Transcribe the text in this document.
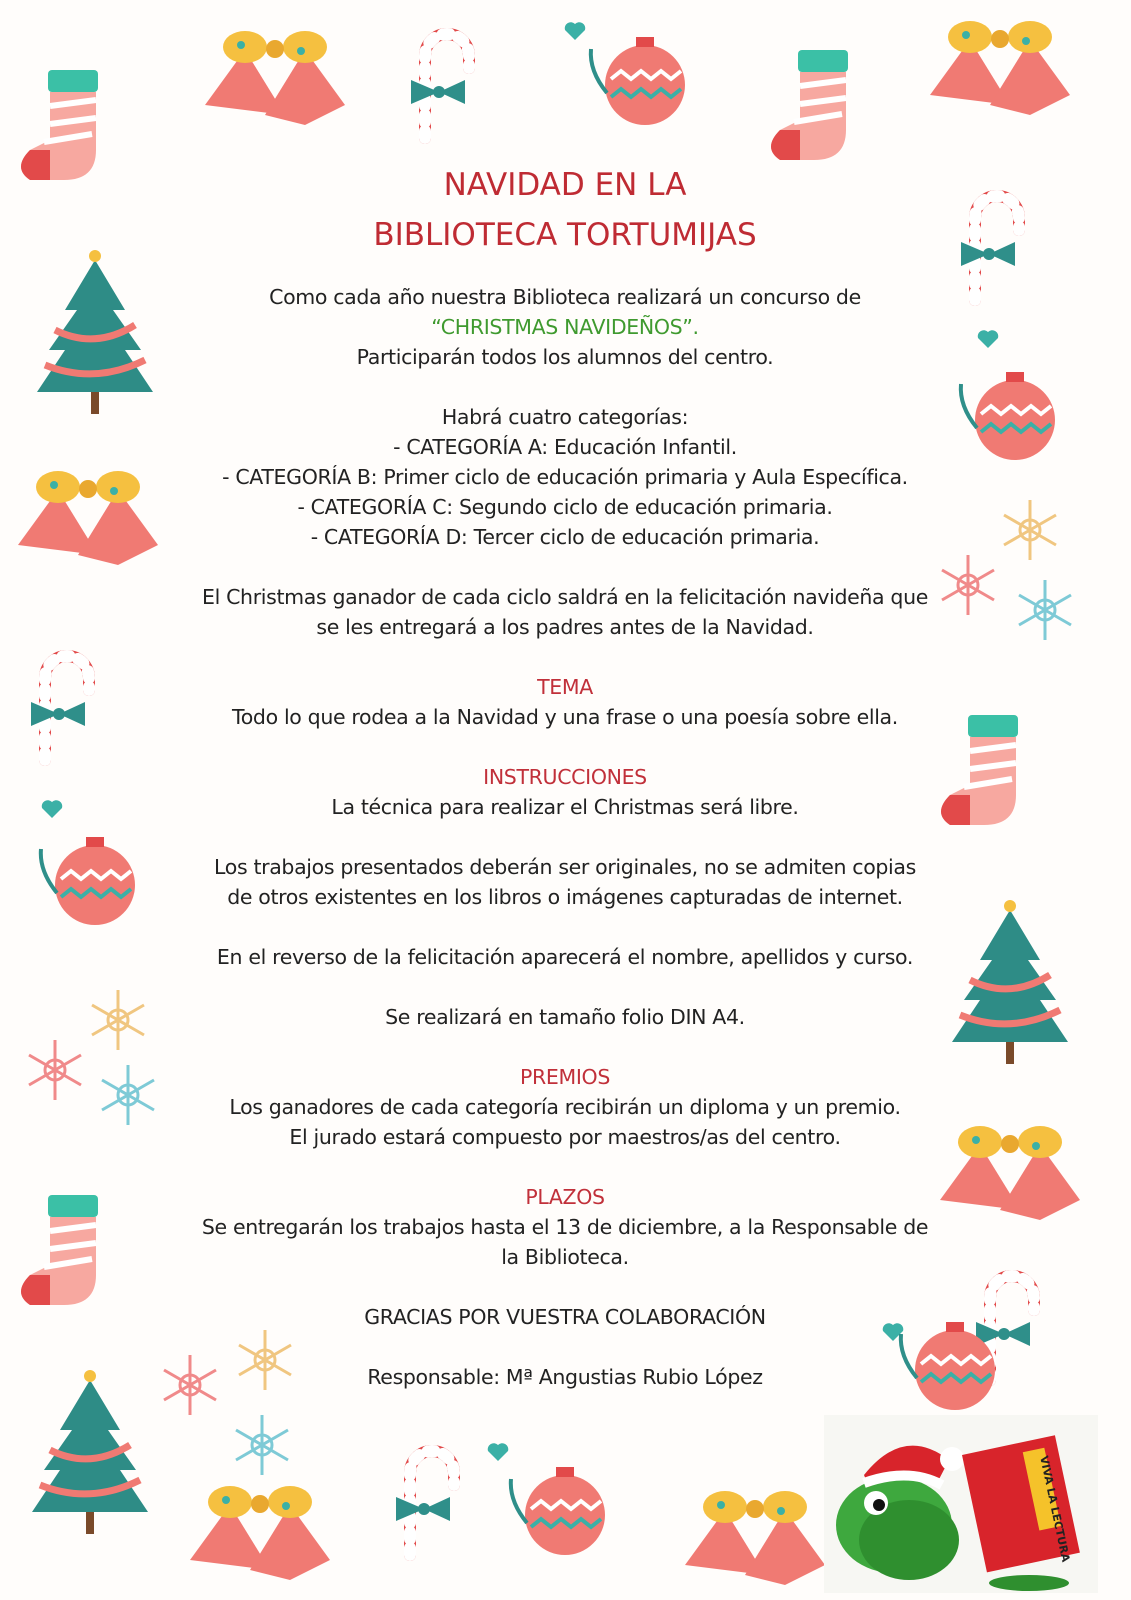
NAVIDAD EN LA
BIBLIOTECA TORTUMIJAS
Como cada año nuestra Biblioteca realizará un concurso de
“CHRISTMAS NAVIDEÑOS”.
Participarán todos los alumnos del centro.
Habrá cuatro categorías:
- CATEGORÍA A: Educación Infantil.
- CATEGORÍA B: Primer ciclo de educación primaria y Aula Específica.
- CATEGORÍA C: Segundo ciclo de educación primaria.
- CATEGORÍA D: Tercer ciclo de educación primaria.
El Christmas ganador de cada ciclo saldrá en la felicitación navideña que
se les entregará a los padres antes de la Navidad.
TEMA
Todo lo que rodea a la Navidad y una frase o una poesía sobre ella.
INSTRUCCIONES
La técnica para realizar el Christmas será libre.
Los trabajos presentados deberán ser originales, no se admiten copias
de otros existentes en los libros o imágenes capturadas de internet.
En el reverso de la felicitación aparecerá el nombre, apellidos y curso.
Se realizará en tamaño folio DIN A4.
PREMIOS
Los ganadores de cada categoría recibirán un diploma y un premio.
El jurado estará compuesto por maestros/as del centro.
PLAZOS
Se entregarán los trabajos hasta el 13 de diciembre, a la Responsable de
la Biblioteca.
GRACIAS POR VUESTRA COLABORACIÓN
Responsable: Mª Angustias Rubio López
VIVA LA LECTURA
